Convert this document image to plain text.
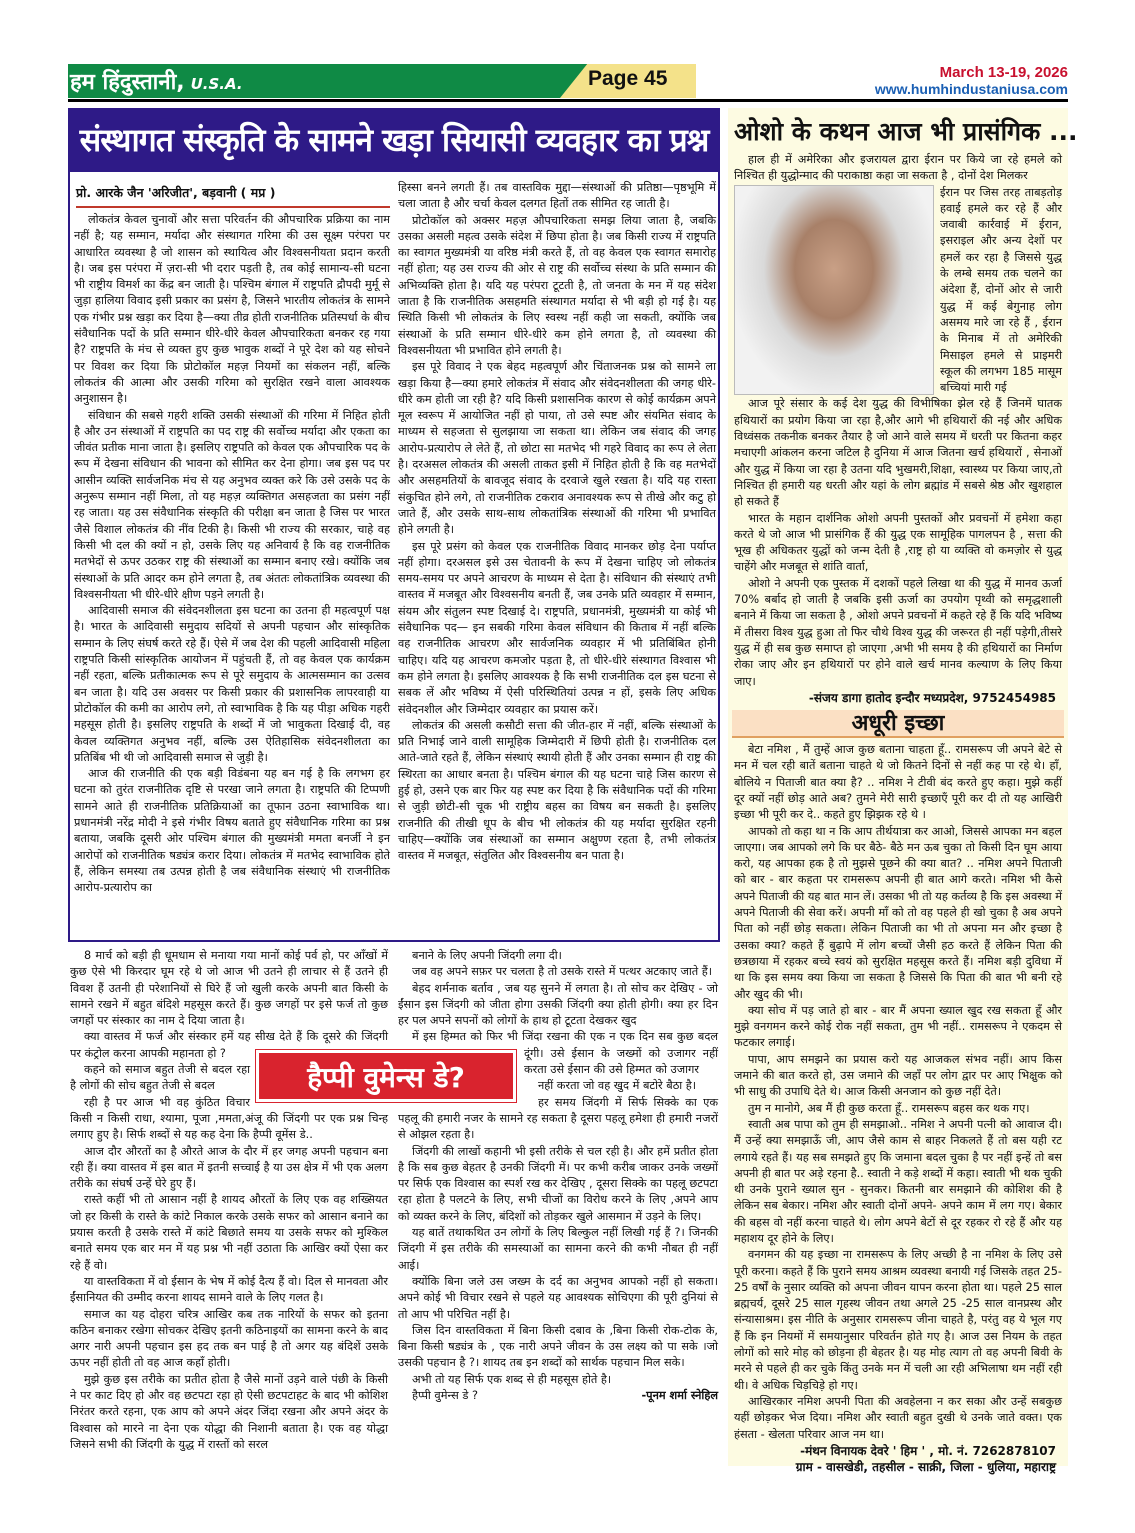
हम हिंदुस्तानी, U.S.A.	Page 45	March 13-19, 2026
www.humhindustaniusa.com
संस्थागत संस्कृति के सामने खड़ा सियासी व्यवहार का प्रश्न
प्रो. आरके जैन 'अरिजीत', बड़वानी ( मप्र )

लोकतंत्र केवल चुनावों और सत्ता परिवर्तन की औपचारिक प्रक्रिया का नाम नहीं है; यह सम्मान, मर्यादा और संस्थागत गरिमा की उस सूक्ष्म परंपरा पर आधारित व्यवस्था है जो शासन को स्थायित्व और विश्वसनीयता प्रदान करती है। जब इस परंपरा में ज़रा-सी भी दरार पड़ती है, तब कोई सामान्य-सी घटना भी राष्ट्रीय विमर्श का केंद्र बन जाती है। पश्चिम बंगाल में राष्ट्रपति द्रौपदी मुर्मू से जुड़ा हालिया विवाद इसी प्रकार का प्रसंग है, जिसने भारतीय लोकतंत्र के सामने एक गंभीर प्रश्न खड़ा कर दिया है—क्या तीव्र होती राजनीतिक प्रतिस्पर्धा के बीच संवैधानिक पदों के प्रति सम्मान धीरे-धीरे केवल औपचारिकता बनकर रह गया है? राष्ट्रपति के मंच से व्यक्त हुए कुछ भावुक शब्दों ने पूरे देश को यह सोचने पर विवश कर दिया कि प्रोटोकॉल महज़ नियमों का संकलन नहीं, बल्कि लोकतंत्र की आत्मा और उसकी गरिमा को सुरक्षित रखने वाला आवश्यक अनुशासन है।

संविधान की सबसे गहरी शक्ति उसकी संस्थाओं की गरिमा में निहित होती है और उन संस्थाओं में राष्ट्रपति का पद राष्ट्र की सर्वोच्च मर्यादा और एकता का जीवंत प्रतीक माना जाता है। इसलिए राष्ट्रपति को केवल एक औपचारिक पद के रूप में देखना संविधान की भावना को सीमित कर देना होगा। जब इस पद पर आसीन व्यक्ति सार्वजनिक मंच से यह अनुभव व्यक्त करे कि उसे उसके पद के अनुरूप सम्मान नहीं मिला, तो यह महज़ व्यक्तिगत असहजता का प्रसंग नहीं रह जाता। यह उस संवैधानिक संस्कृति की परीक्षा बन जाता है जिस पर भारत जैसे विशाल लोकतंत्र की नींव टिकी है। किसी भी राज्य की सरकार, चाहे वह किसी भी दल की क्यों न हो, उसके लिए यह अनिवार्य है कि वह राजनीतिक मतभेदों से ऊपर उठकर राष्ट्र की संस्थाओं का सम्मान बनाए रखे। क्योंकि जब संस्थाओं के प्रति आदर कम होने लगता है, तब अंततः लोकतांत्रिक व्यवस्था की विश्वसनीयता भी धीरे-धीरे क्षीण पड़ने लगती है।

आदिवासी समाज की संवेदनशीलता इस घटना का उतना ही महत्वपूर्ण पक्ष है। भारत के आदिवासी समुदाय सदियों से अपनी पहचान और सांस्कृतिक सम्मान के लिए संघर्ष करते रहे हैं। ऐसे में जब देश की पहली आदिवासी महिला राष्ट्रपति किसी सांस्कृतिक आयोजन में पहुंचती हैं, तो वह केवल एक कार्यक्रम नहीं रहता, बल्कि प्रतीकात्मक रूप से पूरे समुदाय के आत्मसम्मान का उत्सव बन जाता है। यदि उस अवसर पर किसी प्रकार की प्रशासनिक लापरवाही या प्रोटोकॉल की कमी का आरोप लगे, तो स्वाभाविक है कि यह पीड़ा अधिक गहरी महसूस होती है। इसलिए राष्ट्रपति के शब्दों में जो भावुकता दिखाई दी, वह केवल व्यक्तिगत अनुभव नहीं, बल्कि उस ऐतिहासिक संवेदनशीलता का प्रतिबिंब भी थी जो आदिवासी समाज से जुड़ी है।

आज की राजनीति की एक बड़ी विडंबना यह बन गई है कि लगभग हर घटना को तुरंत राजनीतिक दृष्टि से परखा जाने लगता है। राष्ट्रपति की टिप्पणी सामने आते ही राजनीतिक प्रतिक्रियाओं का तूफान उठना स्वाभाविक था। प्रधानमंत्री नरेंद्र मोदी ने इसे गंभीर विषय बताते हुए संवैधानिक गरिमा का प्रश्न बताया, जबकि दूसरी ओर पश्चिम बंगाल की मुख्यमंत्री ममता बनर्जी ने इन आरोपों को राजनीतिक षड्यंत्र करार दिया। लोकतंत्र में मतभेद स्वाभाविक होते हैं, लेकिन समस्या तब उत्पन्न होती है जब संवैधानिक संस्थाएं भी राजनीतिक आरोप-प्रत्यारोप का

हिस्सा बनने लगती हैं। तब वास्तविक मुद्दा—संस्थाओं की प्रतिष्ठा—पृष्ठभूमि में चला जाता है और चर्चा केवल दलगत हितों तक सीमित रह जाती है।

प्रोटोकॉल को अक्सर महज़ औपचारिकता समझ लिया जाता है, जबकि उसका असली महत्व उसके संदेश में छिपा होता है। जब किसी राज्य में राष्ट्रपति का स्वागत मुख्यमंत्री या वरिष्ठ मंत्री करते हैं, तो वह केवल एक स्वागत समारोह नहीं होता; यह उस राज्य की ओर से राष्ट्र की सर्वोच्च संस्था के प्रति सम्मान की अभिव्यक्ति होता है। यदि यह परंपरा टूटती है, तो जनता के मन में यह संदेश जाता है कि राजनीतिक असहमति संस्थागत मर्यादा से भी बड़ी हो गई है। यह स्थिति किसी भी लोकतंत्र के लिए स्वस्थ नहीं कही जा सकती, क्योंकि जब संस्थाओं के प्रति सम्मान धीरे-धीरे कम होने लगता है, तो व्यवस्था की विश्वसनीयता भी प्रभावित होने लगती है।

इस पूरे विवाद ने एक बेहद महत्वपूर्ण और चिंताजनक प्रश्न को सामने ला खड़ा किया है—क्या हमारे लोकतंत्र में संवाद और संवेदनशीलता की जगह धीरे-धीरे कम होती जा रही है? यदि किसी प्रशासनिक कारण से कोई कार्यक्रम अपने मूल स्वरूप में आयोजित नहीं हो पाया, तो उसे स्पष्ट और संयमित संवाद के माध्यम से सहजता से सुलझाया जा सकता था। लेकिन जब संवाद की जगह आरोप-प्रत्यारोप ले लेते हैं, तो छोटा सा मतभेद भी गहरे विवाद का रूप ले लेता है। दरअसल लोकतंत्र की असली ताकत इसी में निहित होती है कि वह मतभेदों और असहमतियों के बावजूद संवाद के दरवाजे खुले रखता है। यदि यह रास्ता संकुचित होने लगे, तो राजनीतिक टकराव अनावश्यक रूप से तीखे और कटु हो जाते हैं, और उसके साथ-साथ लोकतांत्रिक संस्थाओं की गरिमा भी प्रभावित होने लगती है।

इस पूरे प्रसंग को केवल एक राजनीतिक विवाद मानकर छोड़ देना पर्याप्त नहीं होगा। दरअसल इसे उस चेतावनी के रूप में देखना चाहिए जो लोकतंत्र समय-समय पर अपने आचरण के माध्यम से देता है। संविधान की संस्थाएं तभी वास्तव में मजबूत और विश्वसनीय बनती हैं, जब उनके प्रति व्यवहार में सम्मान, संयम और संतुलन स्पष्ट दिखाई दे। राष्ट्रपति, प्रधानमंत्री, मुख्यमंत्री या कोई भी संवैधानिक पद— इन सबकी गरिमा केवल संविधान की किताब में नहीं बल्कि वह राजनीतिक आचरण और सार्वजनिक व्यवहार में भी प्रतिबिंबित होनी चाहिए। यदि यह आचरण कमजोर पड़ता है, तो धीरे-धीरे संस्थागत विश्वास भी कम होने लगता है। इसलिए आवश्यक है कि सभी राजनीतिक दल इस घटना से सबक लें और भविष्य में ऐसी परिस्थितियां उत्पन्न न हों, इसके लिए अधिक संवेदनशील और जिम्मेदार व्यवहार का प्रयास करें।

लोकतंत्र की असली कसौटी सत्ता की जीत-हार में नहीं, बल्कि संस्थाओं के प्रति निभाई जाने वाली सामूहिक जिम्मेदारी में छिपी होती है। राजनीतिक दल आते-जाते रहते हैं, लेकिन संस्थाएं स्थायी होती हैं और उनका सम्मान ही राष्ट्र की स्थिरता का आधार बनता है। पश्चिम बंगाल की यह घटना चाहे जिस कारण से हुई हो, उसने एक बार फिर यह स्पष्ट कर दिया है कि संवैधानिक पदों की गरिमा से जुड़ी छोटी-सी चूक भी राष्ट्रीय बहस का विषय बन सकती है। इसलिए राजनीति की तीखी धूप के बीच भी लोकतंत्र की यह मर्यादा सुरक्षित रहनी चाहिए—क्योंकि जब संस्थाओं का सम्मान अक्षुण्ण रहता है, तभी लोकतंत्र वास्तव में मजबूत, संतुलित और विश्वसनीय बन पाता है।

8 मार्च को बड़ी ही धूमधाम से मनाया गया मानों कोई पर्व हो, पर आँखों में कुछ ऐसे भी किरदार घूम रहे थे जो आज भी उतने ही लाचार से हैं उतने ही विवश हैं उतनी ही परेशानियों से घिरे हैं जो खुली करके अपनी बात किसी के सामने रखने में बहुत बंदिशे महसूस करते हैं। कुछ जगहों पर इसे फर्ज तो कुछ जगहों पर संस्कार का नाम दे दिया जाता है।

क्या वास्तव में फर्ज और संस्कार हमें यह सीख देते हैं कि दूसरे की जिंदगी पर कंट्रोल करना आपकी महानता हो ?

कहने को समाज बहुत तेजी से बदल रहा है लोगों की सोच बहुत तेजी से बदल

रही है पर आज भी वह कुंठित विचार किसी न किसी राधा, श्यामा, पूजा ,ममता,अंजू की जिंदगी पर एक प्रश्न चिन्ह लगाए हुए है। सिर्फ शब्दों से यह कह देना कि हैप्पी वूमेंस डे..

आज दौर औरतों का है औरते आज के दौर में हर जगह अपनी पहचान बना रही हैं। क्या वास्तव में इस बात में इतनी सच्चाई है या उस क्षेत्र में भी एक अलग तरीके का संघर्ष उन्हें घेरे हुए हैं।

रास्ते कहीं भी तो आसान नहीं है शायद औरतों के लिए एक वह शख्सियत जो हर किसी के रास्ते के कांटे निकाल करके उसके सफर को आसान बनाने का प्रयास करती है उसके रास्ते में कांटे बिछाते समय या उसके सफर को मुश्किल बनाते समय एक बार मन में यह प्रश्न भी नहीं उठाता कि आखिर क्यों ऐसा कर रहे हैं वो।

या वास्तविकता में वो ईसान के भेष में कोई दैत्य हैं वो। दिल से मानवता और ईंसानियत की उम्मीद करना शायद सामने वाले के लिए गलत है।

समाज का यह दोहरा चरित्र आखिर कब तक नारियों के सफर को इतना कठिन बनाकर रखेगा सोचकर देखिए इतनी कठिनाइयों का सामना करने के बाद अगर नारी अपनी पहचान इस हद तक बन पाई है तो अगर यह बंदिशें उसके ऊपर नहीं होती तो वह आज कहाँ होती।

मुझे कुछ इस तरीके का प्रतीत होता है जैसे मानों उड़ने वाले पंछी के किसी ने पर काट दिए हो और वह छटपटा रहा हो ऐसी छटपटाहट के बाद भी कोशिश निरंतर करते रहना, एक आप को अपने अंदर जिंदा रखना और अपने अंदर के विश्वास को मारने ना देना एक योद्धा की निशानी बताता है। एक वह योद्धा जिसने सभी की जिंदगी के युद्ध में रास्तों को सरल

बनाने के लिए अपनी जिंदगी लगा दी।

जब वह अपने सफ़र पर चलता है तो उसके रास्ते में पत्थर अटकाए जाते हैं।

बेहद शर्मनाक बर्ताव , जब यह सुनने में लगता है। तो सोच कर देखिए - जो ईंसान इस जिंदगी को जीता होगा उसकी जिंदगी क्या होती होगी। क्या हर दिन हर पल अपने सपनों को लोगों के हाथ हो टूटता देखकर खुद

में इस हिम्मत को फिर भी जिंदा रखना की एक न एक दिन सब कुछ बदल दूंगी। उसे ईसान के जख्मों को उजागर नहीं करता उसे ईसान की उसे हिम्मत को उजागर

नहीं करता जो वह खुद में बटोरे बैठा है।

हर समय जिंदगी में सिर्फ सिक्के का एक पहलू की हमारी नजर के सामने रह सकता है दूसरा पहलू हमेशा ही हमारी नजरों से ओझल रहता है।

जिंदगी की लाखों कहानी भी इसी तरीके से चल रही है। और हमें प्रतीत होता है कि सब कुछ बेहतर है उनकी जिंदगी में। पर कभी करीब जाकर उनके जख्मों पर सिर्फ एक विश्वास का स्पर्श रख कर देखिए , दूसरा सिक्के का पहलू छटपटा रहा होता है पलटने के लिए, सभी चीजों का विरोध करने के लिए ,अपने आप को व्यक्त करने के लिए, बंदिशों को तोड़कर खुले आसमान में उड़ने के लिए।

यह बातें तथाकथित उन लोगों के लिए बिल्कुल नहीं लिखी गई हैं ?। जिनकी जिंदगी में इस तरीके की समस्याओं का सामना करने की कभी नौबत ही नहीं आई।

क्योंकि बिना जले उस जख्म के दर्द का अनुभव आपको नहीं हो सकता। अपने कोई भी विचार रखने से पहले यह आवश्यक सोचिएगा की पूरी दुनियां से तो आप भी परिचित नहीं है।

जिस दिन वास्तविकता में बिना किसी दबाव के ,बिना किसी रोक-टोक के, बिना किसी षड्यंत्र के , एक नारी अपने जीवन के उस लक्ष्य को पा सके ।जो उसकी पहचान है ?। शायद तब इन शब्दों को सार्थक पहचान मिल सके।

अभी तो यह सिर्फ एक शब्द से ही महसूस होते है।

हैप्पी वुमेन्स डे ?	-पूनम शर्मा स्नेहिल
हैप्पी वुमेन्स डे?
ओशो के कथन आज भी प्रासंगिक ...

हाल ही में अमेरिका और इजरायल द्वारा ईरान पर किये जा रहे हमले को निश्चित ही युद्धोन्माद की पराकाष्ठा कहा जा सकता है , दोनों देश मिलकर

ईरान पर जिस तरह ताबड़तोड़ हवाई हमले कर रहे हैं और जवाबी कार्रवाई में ईरान, इसराइल और अन्य देशों पर हमलें कर रहा है जिससे युद्ध के लम्बे समय तक चलने का अंदेशा हैं, दोनों ओर से जारी युद्ध में कई बेगुनाह लोग असमय मारे जा रहे हैं , ईरान के मिनाब में तो अमेरिकी मिसाइल हमले से प्राइमरी स्कूल की लगभग 185 मासूम बच्चियां मारी गई

आज पूरे संसार के कई देश युद्ध की विभीषिका झेल रहे हैं जिनमें घातक हथियारों का प्रयोग किया जा रहा है,और आगे भी हथियारों की नई और अधिक विध्वंसक तकनीक बनकर तैयार है जो आने वाले समय में धरती पर कितना कहर मचाएगी आंकलन करना जटिल है दुनिया में आज जितना खर्च हथियारों , सेनाओं और युद्ध में किया जा रहा है उतना यदि भुखमरी,शिक्षा, स्वास्थ्य पर किया जाए,तो निश्चित ही हमारी यह धरती और यहां के लोग ब्रह्मांड में सबसे श्रेष्ठ और खुशहाल हो सकते हैं

भारत के महान दार्शनिक ओशो अपनी पुस्तकों और प्रवचनों में हमेशा कहा करते थे जो आज भी प्रासंगिक हैं की युद्ध एक सामूहिक पागलपन है , सत्ता की भूख ही अधिकतर युद्धों को जन्म देती है ,राष्ट्र हो या व्यक्ति वो कमज़ोर से युद्ध चाहेंगे और मजबूत से शांति वार्ता,

ओशो ने अपनी एक पुस्तक में दशकों पहले लिखा था की युद्ध में मानव ऊर्जा 70% बर्बाद हो जाती है जबकि इसी ऊर्जा का उपयोग पृथ्वी को समृद्धशाली बनाने में किया जा सकता है , ओशो अपने प्रवचनों में कहते रहे हैं कि यदि भविष्य में तीसरा विश्व युद्ध हुआ तो फिर चौथे विश्व युद्ध की जरूरत ही नहीं पड़ेगी,तीसरे युद्ध में ही सब कुछ समाप्त हो जाएगा ,अभी भी समय है की हथियारों का निर्माण रोका जाए और इन हथियारों पर होने वाले खर्च मानव कल्याण के लिए किया जाए।

-संजय डागा हातोद इन्दौर मध्यप्रदेश, 9752454985
अधूरी इच्छा

बेटा नमिश , मैं तुम्हें आज कुछ बताना चाहता हूँ.. रामसरूप जी अपने बेटे से मन में चल रही बातें बताना चाहते थे जो कितने दिनों से नहीं कह पा रहे थे। हाँ, बोलिये न पिताजी बात क्या है? .. नमिश ने टीवी बंद करते हुए कहा। मुझे कहीं दूर क्यों नहीं छोड़ आते अब? तुमने मेरी सारी इच्छाएँ पूरी कर दी तो यह आखिरी इच्छा भी पूरी कर दे.. कहते हुए झिझक रहे थे ।

आपको तो कहा था न कि आप तीर्थयात्रा कर आओ, जिससे आपका मन बहल जाएगा। जब आपको लगे कि घर बैठे- बैठे मन ऊब चुका तो किसी दिन घूम आया करो, यह आपका हक है तो मुझसे पूछने की क्या बात? .. नमिश अपने पिताजी को बार - बार कहता पर रामसरूप अपनी ही बात आगे करते। नमिश भी कैसे अपने पिताजी की यह बात मान लें। उसका भी तो यह कर्तव्य है कि इस अवस्था में अपने पिताजी की सेवा करें। अपनी माँ को तो वह पहले ही खो चुका है अब अपने पिता को नहीं छोड़ सकता। लेकिन पिताजी का भी तो अपना मन और इच्छा है उसका क्या? कहते हैं बुढ़ापे में लोग बच्चों जैसी हठ करते हैं लेकिन पिता की छत्रछाया में रहकर बच्चे स्वयं को सुरक्षित महसूस करते हैं। नमिश बड़ी दुविधा में था कि इस समय क्या किया जा सकता है जिससे कि पिता की बात भी बनी रहे और खुद की भी।

क्या सोच में पड़ जाते हो बार - बार मैं अपना ख्याल खुद रख सकता हूँ और मुझे वनगमन करने कोई रोक नहीं सकता, तुम भी नहीं.. रामसरूप ने एकदम से फटकार लगाई।

पापा, आप समझने का प्रयास करो यह आजकल संभव नहीं। आप किस जमाने की बात करते हो, उस जमाने की जहाँ पर लोग द्वार पर आए भिक्षुक को भी साधु की उपाधि देते थे। आज किसी अनजान को कुछ नहीं देते।

तुम न मानोगे, अब मैं ही कुछ करता हूँ.. रामसरूप बहस कर थक गए।

स्वाती अब पापा को तुम ही समझाओ.. नमिश ने अपनी पत्नी को आवाज दी। मैं उन्हें क्या समझाऊँ जी, आप जैसे काम से बाहर निकलते हैं तो बस यही रट लगाये रहते हैं। यह सब समझते हुए कि जमाना बदल चुका है पर नहीं इन्हें तो बस अपनी ही बात पर अड़े रहना है.. स्वाती ने कड़े शब्दों में कहा। स्वाती भी थक चुकी थी उनके पुराने ख्याल सुन - सुनकर। कितनी बार समझाने की कोशिश की है लेकिन सब बेकार। नमिश और स्वाती दोनों अपने- अपने काम में लग गए। बेकार की बहस वो नहीं करना चाहते थे। लोग अपने बेटों से दूर रहकर रो रहे हैं और यह महाशय दूर होने के लिए।

वनगमन की यह इच्छा ना रामसरूप के लिए अच्छी है ना नमिश के लिए उसे पूरी करना। कहते हैं कि पुराने समय आश्रम व्यवस्था बनायी गई जिसके तहत 25-25 वर्षों के नुसार व्यक्ति को अपना जीवन यापन करना होता था। पहले 25 साल ब्रह्मचर्य, दूसरे 25 साल गृहस्थ जीवन तथा अगले 25 -25 साल वानप्रस्थ और संन्यासाश्रम। इस नीति के अनुसार रामसरूप जीना चाहते है, परंतु वह ये भूल गए हैं कि इन नियमों में समयानुसार परिवर्तन होते गए है। आज उस नियम के तहत लोगों को सारे मोह को छोड़ना ही बेहतर है। यह मोह त्याग तो वह अपनी बिवी के मरने से पहले ही कर चुके किंतु उनके मन में चली आ रही अभिलाषा थम नहीं रही थी। वे अधिक चिड़चिड़े हो गए।

आखिरकार नमिश अपनी पिता की अवहेलना न कर सका और उन्हें सबकुछ यहीं छोड़कर भेज दिया। नमिश और स्वाती बहुत दुखी थे उनके जाते वक्त। एक हंसता - खेलता परिवार आज नम था।

-मंथन विनायक देवरे ' हिम ' , मो. नं. 7262878107
ग्राम - वासखेडी, तहसील - साक्री, जिला - धुलिया, महाराष्ट्र
